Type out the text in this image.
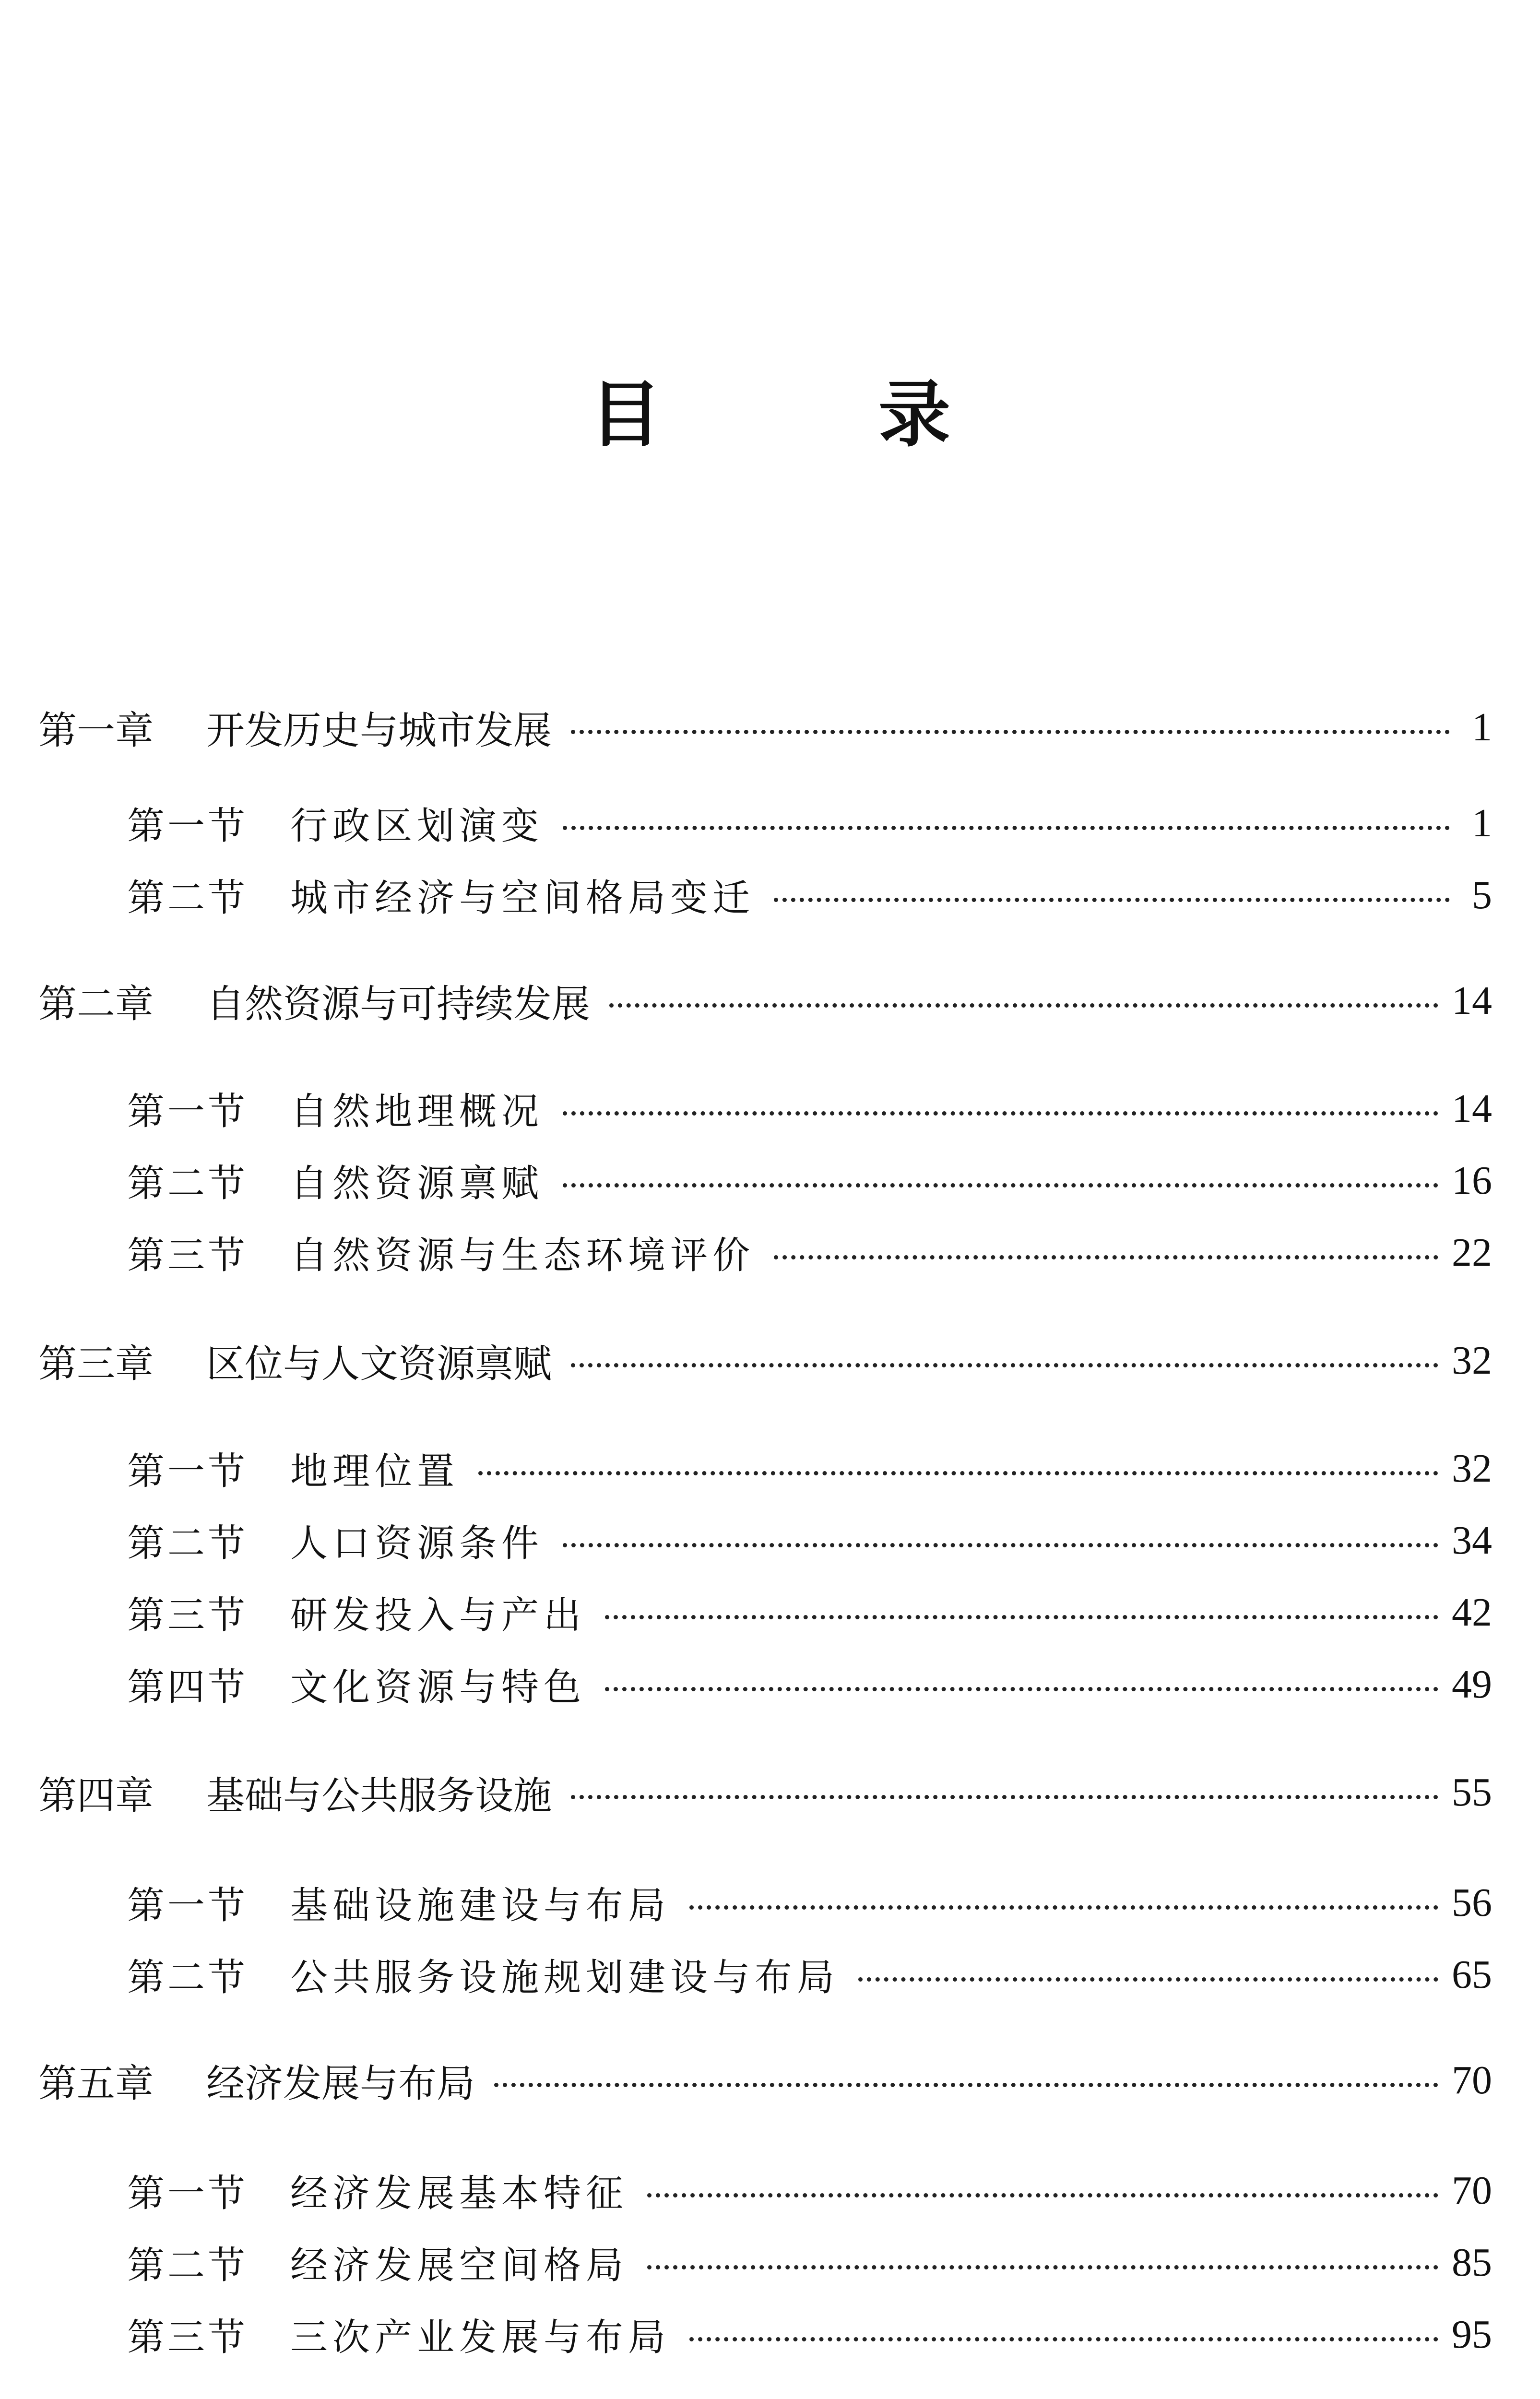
目 录
第一章	开发历史与城市发展	1
第一节	行政区划演变	1
第二节	城市经济与空间格局变迁	5
第二章	自然资源与可持续发展	14
第一节	自然地理概况	14
第二节	自然资源禀赋	16
第三节	自然资源与生态环境评价	22
第三章	区位与人文资源禀赋	32
第一节	地理位置	32
第二节	人口资源条件	34
第三节	研发投入与产出	42
第四节	文化资源与特色	49
第四章	基础与公共服务设施	55
第一节	基础设施建设与布局	56
第二节	公共服务设施规划建设与布局	65
第五章	经济发展与布局	70
第一节	经济发展基本特征	70
第二节	经济发展空间格局	85
第三节	三次产业发展与布局	95
